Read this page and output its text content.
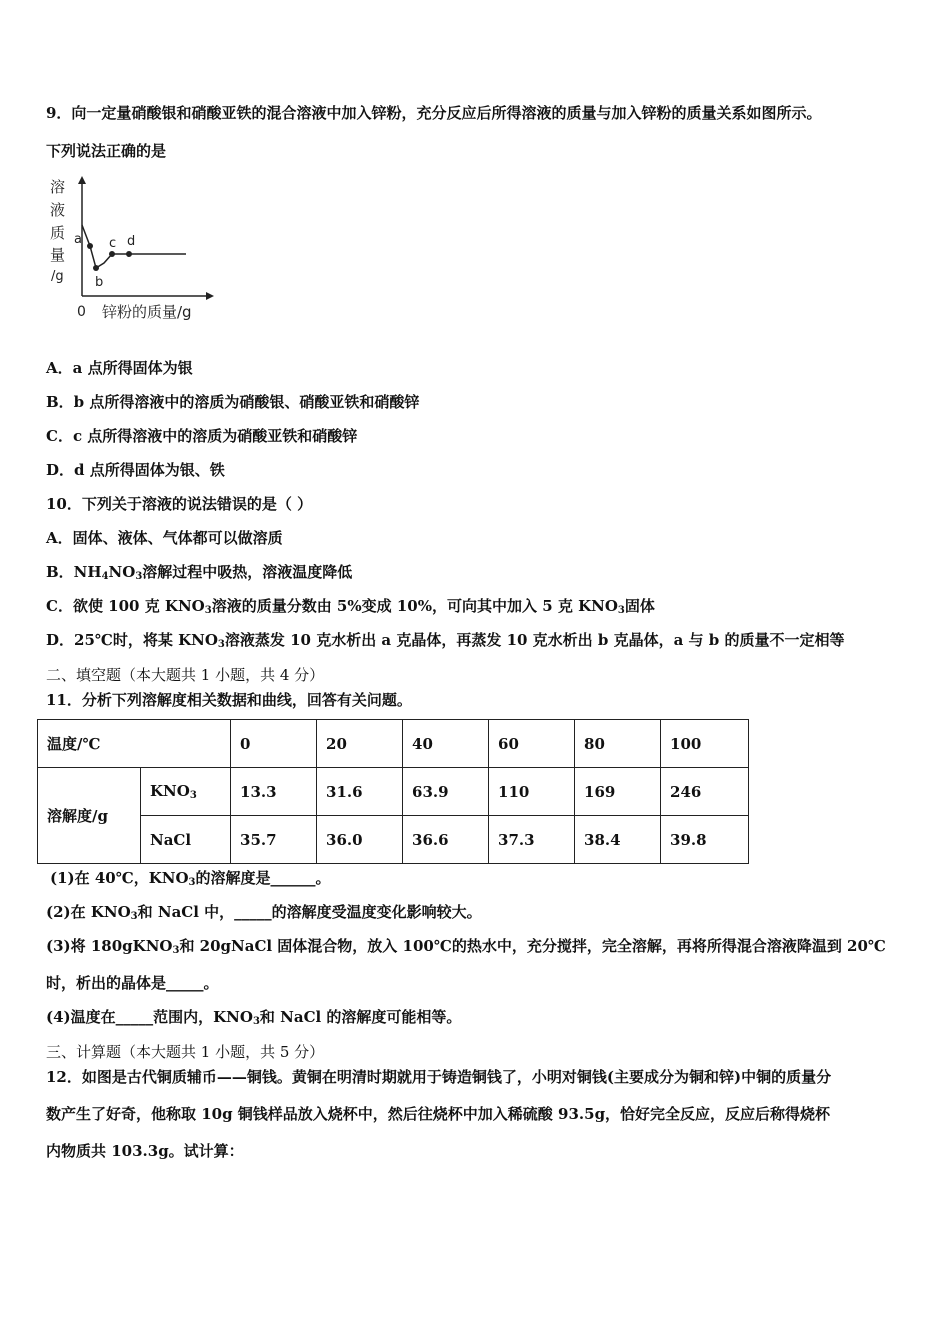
9．向一定量硝酸银和硝酸亚铁的混合溶液中加入锌粉，充分反应后所得溶液的质量与加入锌粉的质量关系如图所示。
下列说法正确的是
溶
液
质
量
/g
0 锌粉的质量/g
a
b
c d
A．a 点所得固体为银
B．b 点所得溶液中的溶质为硝酸银、硝酸亚铁和硝酸锌
C．c 点所得溶液中的溶质为硝酸亚铁和硝酸锌
D．d 点所得固体为银、铁
10．下列关于溶液的说法错误的是（ ）
A．固体、液体、气体都可以做溶质
B．$NH_4NO_3$溶解过程中吸热，溶液温度降低
C．欲使 100 克 $KNO_3$溶液的质量分数由 5%变成 10%，可向其中加入 5 克 $KNO_3$固体
D．25℃时，将某 $KNO_3$溶液蒸发 10 克水析出 a 克晶体，再蒸发 10 克水析出 b 克晶体，a 与 b 的质量不一定相等
二、填空题（本大题共 1 小题，共 4 分）
11．分析下列溶解度相关数据和曲线，回答有关问题。
温度/℃		0	20	40	60	80	100
溶解度/g	$KNO_3$	13.3	31.6	63.9	110	169	246
	NaCl	35.7	36.0	36.6	37.3	38.4	39.8
(1)在 40℃，$KNO_3$的溶解度是______。
(2)在 $KNO_3$和 NaCl 中，_____的溶解度受温度变化影响较大。
(3)将 180gKNO$_3$和 20gNaCl 固体混合物，放入 100℃的热水中，充分搅拌，完全溶解，再将所得混合溶液降温到 20℃
时，析出的晶体是_____。
(4)温度在_____范围内，$KNO_3$和 NaCl 的溶解度可能相等。
三、计算题（本大题共 1 小题，共 5 分）
12．如图是古代铜质辅币——铜钱。黄铜在明清时期就用于铸造铜钱了，小明对铜钱(主要成分为铜和锌)中铜的质量分
数产生了好奇，他称取 10g 铜钱样品放入烧杯中，然后往烧杯中加入稀硫酸 93.5g，恰好完全反应，反应后称得烧杯
内物质共 103.3g。试计算：
